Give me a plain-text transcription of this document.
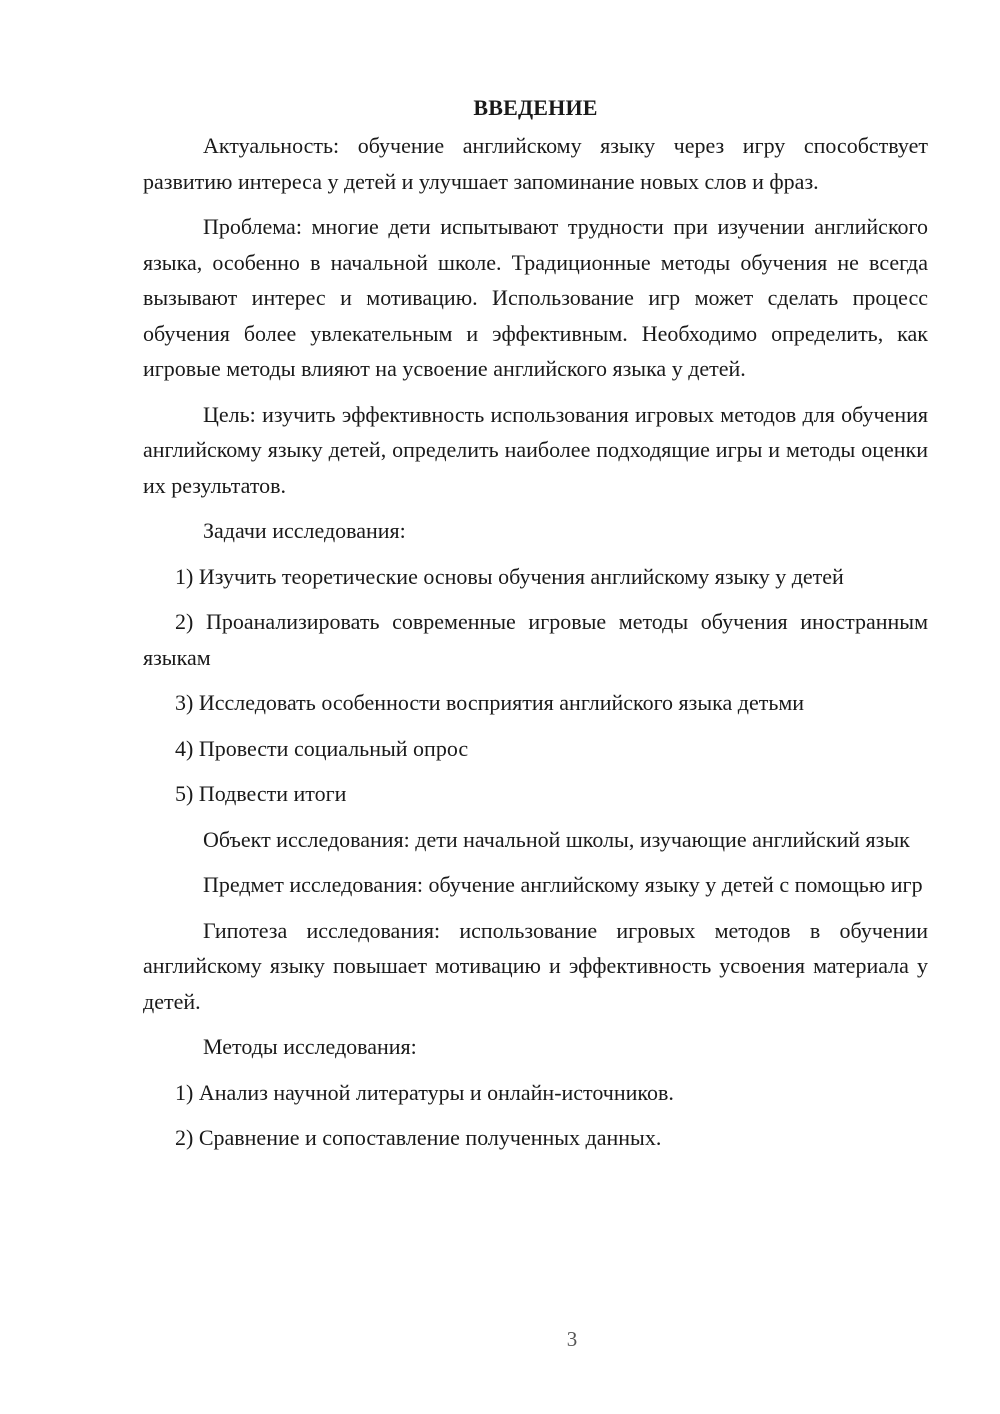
ВВЕДЕНИЕ

Актуальность: обучение английскому языку через игру способствует развитию интереса у детей и улучшает запоминание новых слов и фраз.

Проблема: многие дети испытывают трудности при изучении английского языка, особенно в начальной школе. Традиционные методы обучения не всегда вызывают интерес и мотивацию. Использование игр может сделать процесс обучения более увлекательным и эффективным. Необходимо определить, как игровые методы влияют на усвоение английского языка у детей.

Цель: изучить эффективность использования игровых методов для обучения английскому языку детей, определить наиболее подходящие игры и методы оценки их результатов.

Задачи исследования:

1) Изучить теоретические основы обучения английскому языку у детей

2) Проанализировать современные игровые методы обучения иностранным языкам

3) Исследовать особенности восприятия английского языка детьми

4) Провести социальный опрос

5) Подвести итоги

Объект исследования: дети начальной школы, изучающие английский язык

Предмет исследования: обучение английскому языку у детей с помощью игр

Гипотеза исследования: использование игровых методов в обучении английскому языку повышает мотивацию и эффективность усвоения материала у детей.

Методы исследования:

1) Анализ научной литературы и онлайн-источников.

2) Сравнение и сопоставление полученных данных.

3
